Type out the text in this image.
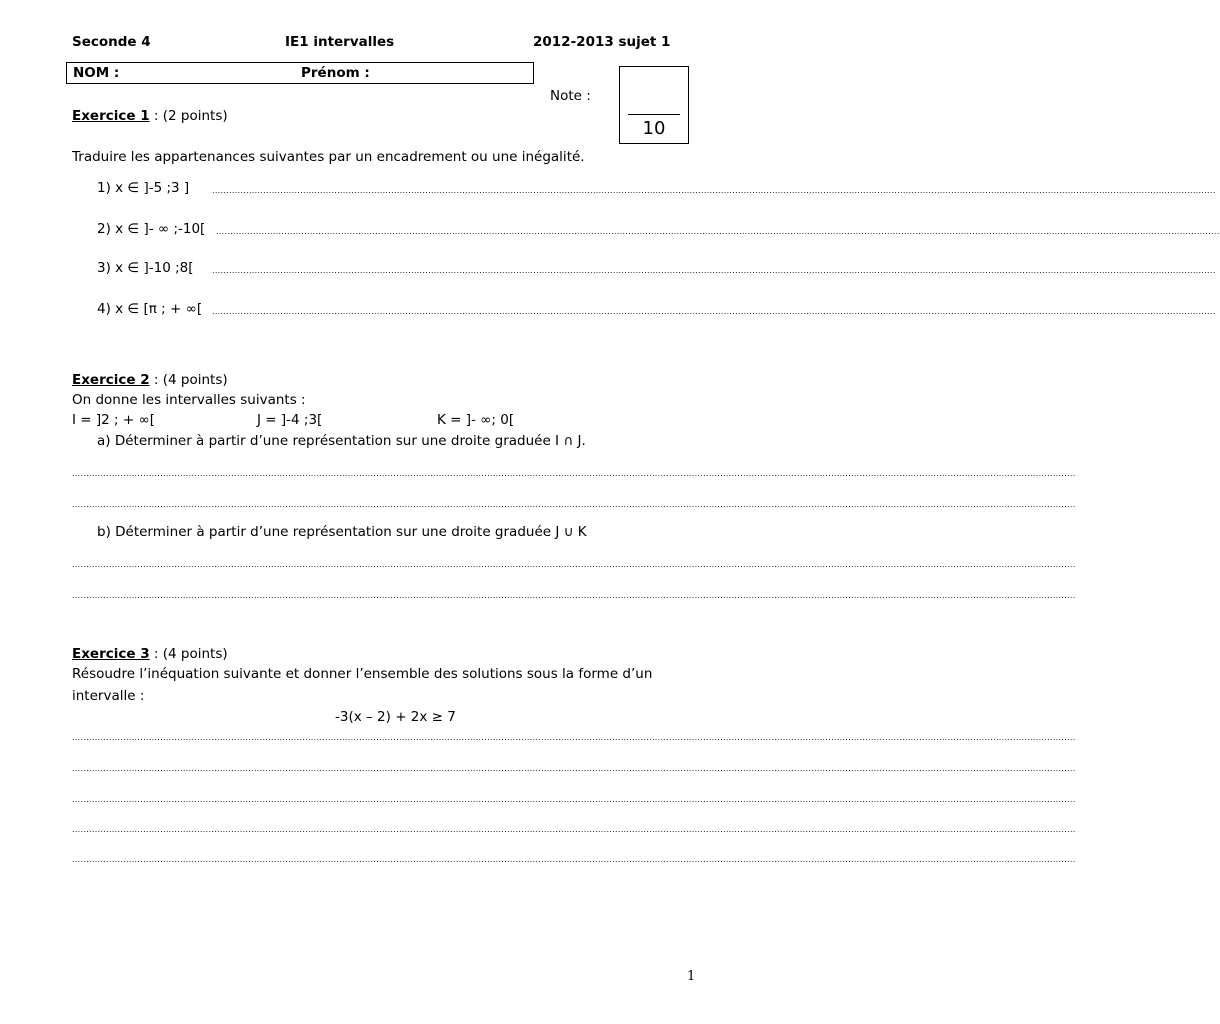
Seconde 4	IE1 intervalles	2012-2013 sujet 1
NOM :	Prénom :
Note :
10
Exercice 1 : (2 points)
Traduire les appartenances suivantes par un encadrement ou une inégalité.
1) x ∈ ]-5 ;3 ]	.................................................................................................................................................................................................................................................................................................................................................................
2) x ∈ ]- ∞ ;-10[ .................................................................................................................................................................................................................................................................................................................................................................
3) x ∈ ]-10 ;8[ .................................................................................................................................................................................................................................................................................................................................................................
4) x ∈ [π ; + ∞[ .................................................................................................................................................................................................................................................................................................................................................................
Exercice 2 : (4 points)
On donne les intervalles suivants :
I = ]2 ; + ∞[	J = ]-4 ;3[	K = ]- ∞; 0[
a) Déterminer à partir d’une représentation sur une droite graduée I ∩ J.
.................................................................................................................................................................................................................................................................................................................................................................
.................................................................................................................................................................................................................................................................................................................................................................
b) Déterminer à partir d’une représentation sur une droite graduée J ∪ K
.................................................................................................................................................................................................................................................................................................................................................................
.................................................................................................................................................................................................................................................................................................................................................................
Exercice 3 : (4 points)
Résoudre l’inéquation suivante et donner l’ensemble des solutions sous la forme d’un
intervalle :
-3(x – 2) + 2x ≥ 7
.................................................................................................................................................................................................................................................................................................................................................................
.................................................................................................................................................................................................................................................................................................................................................................
.................................................................................................................................................................................................................................................................................................................................................................
.................................................................................................................................................................................................................................................................................................................................................................
.................................................................................................................................................................................................................................................................................................................................................................
1
